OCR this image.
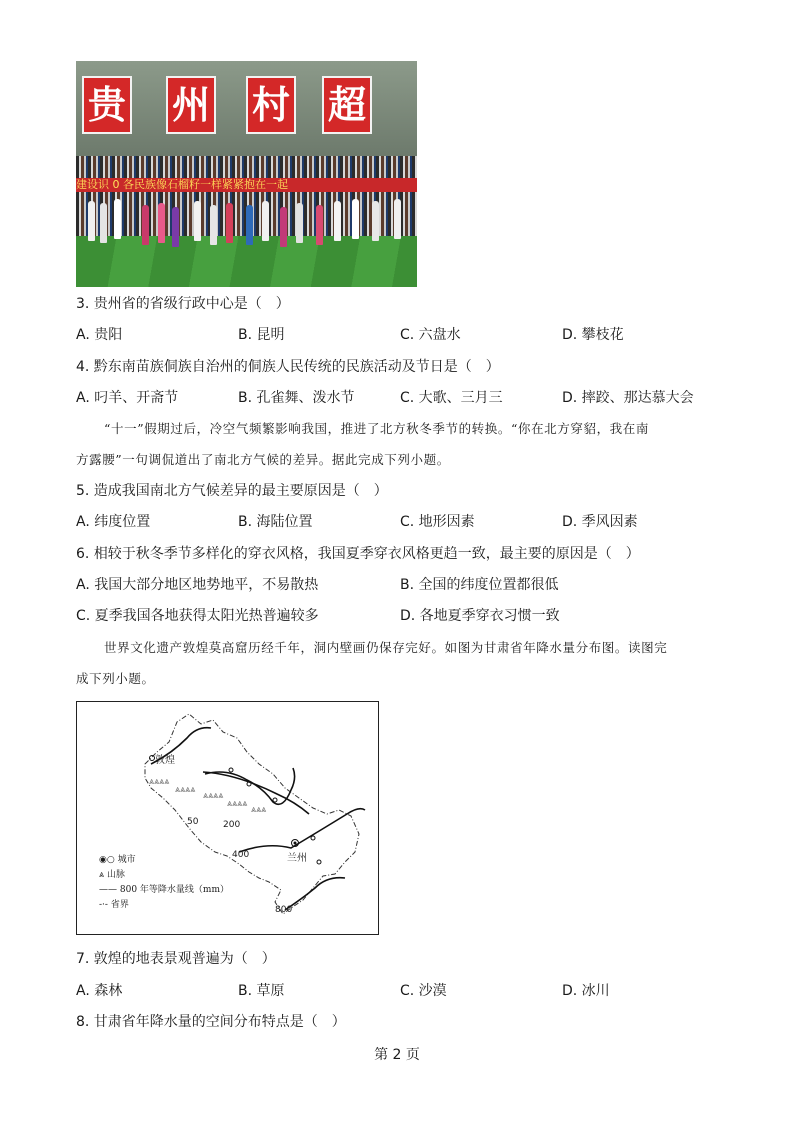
贵 州 村 超
建设识 0 各民族像石榴籽一样紧紧抱在一起
3. 贵州省的省级行政中心是（　）
A. 贵阳	B. 昆明	C. 六盘水	D. 攀枝花
4. 黔东南苗族侗族自治州的侗族人民传统的民族活动及节日是（　）
A. 叼羊、开斋节	B. 孔雀舞、泼水节	C. 大歌、三月三	D. 摔跤、那达慕大会
“十一”假期过后，冷空气频繁影响我国，推进了北方秋冬季节的转换。“你在北方穿貂，我在南
方露腰”一句调侃道出了南北方气候的差异。据此完成下列小题。
5. 造成我国南北方气候差异的最主要原因是（　）
A. 纬度位置	B. 海陆位置	C. 地形因素	D. 季风因素
6. 相较于秋冬季节多样化的穿衣风格，我国夏季穿衣风格更趋一致，最主要的原因是（　）
A. 我国大部分地区地势地平，不易散热	B. 全国的纬度位置都很低
C. 夏季我国各地获得太阳光热普遍较多	D. 各地夏季穿衣习惯一致
世界文化遗产敦煌莫高窟历经千年，洞内壁画仍保存完好。如图为甘肃省年降水量分布图。读图完
成下列小题。
⩓⩓⩓⩓
⩓⩓⩓⩓
⩓⩓⩓⩓
⩓⩓⩓⩓
⩓⩓⩓
敦煌
兰州
50	200
400
800
◉○ 城市
⩓ 山脉
—— 800 年等降水量线（mm）
-·- 省界
7. 敦煌的地表景观普遍为（　）
A. 森林	B. 草原	C. 沙漠	D. 冰川
8. 甘肃省年降水量的空间分布特点是（　）
第 2 页
